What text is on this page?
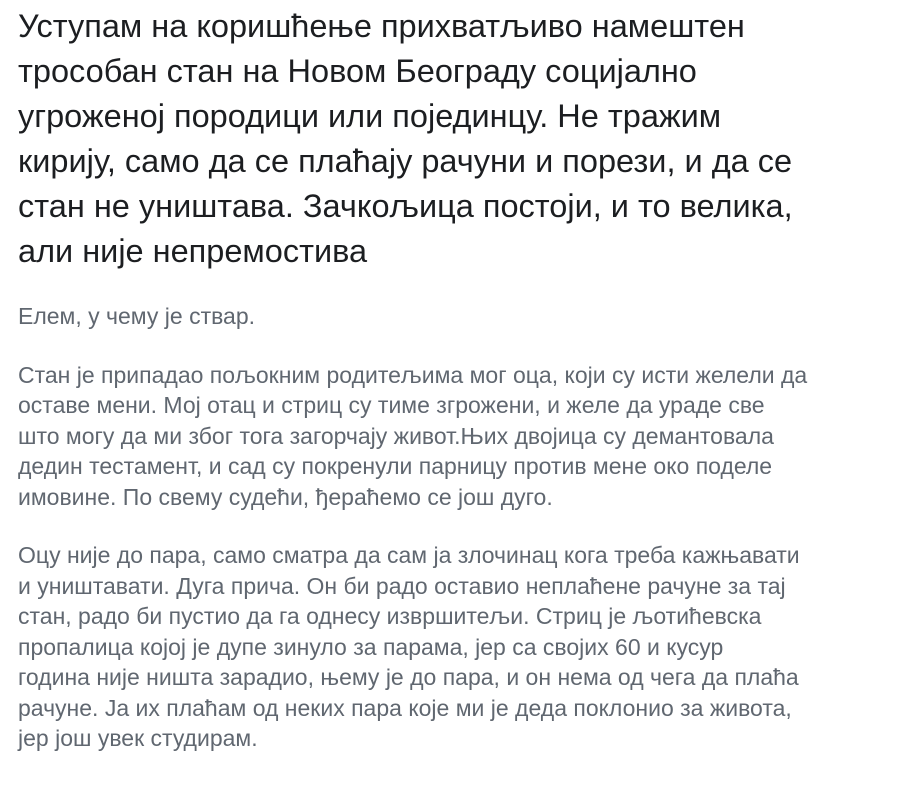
Уступам на коришћење прихватљиво намештен
трособан стан на Новом Београду социјално
угроженој породици или појединцу. Не тражим
кирију, само да се плаћају рачуни и порези, и да се
стан не уништава. Зачкољица постоји, и то велика,
али није непремостива

Елем, у чему је ствар.

Стан је припадао пољокним родитељима мог оца, који су исти желели да
оставе мени. Мој отац и стриц су тиме згрожени, и желе да ураде све
што могу да ми због тога загорчају живот.Њих двојица су демантовала
дедин тестамент, и сад су покренули парницу против мене око поделе
имовине. По свему судећи, ђераћемо се још дуго.

Оцу није до пара, само сматра да сам ја злочинац кога треба кажњавати
и уништавати. Дуга прича. Он би радо оставио неплаћене рачуне за тај
стан, радо би пустио да га однесу извршитељи. Стриц је љотићевска
пропалица којој је дупе зинуло за парама, јер са својих 60 и кусур
година није ништа зарадио, њему је до пара, и он нема од чега да плаћа
рачуне. Ја их плаћам од неких пара које ми је деда поклонио за живота,
јер још увек студирам.
